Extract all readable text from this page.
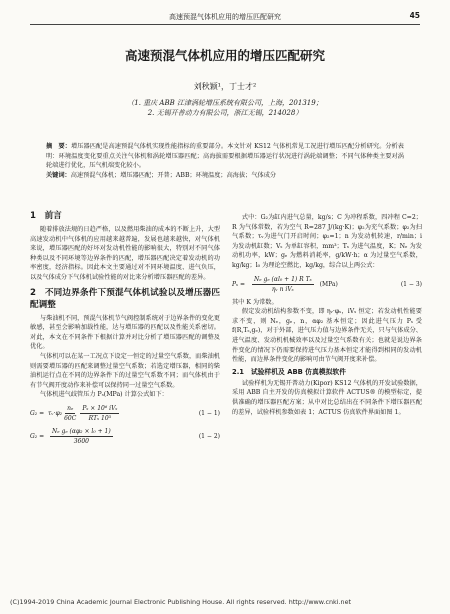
高速预混气体机应用的增压匹配研究	45
高速预混气体机应用的增压匹配研究
刘秋颖¹，丁士才²
（1. 重庆 ABB 江津涡轮增压系统有限公司，上海，201319；
2. 无锡开普动力有限公司，浙江无锡，214028）
摘　要：增压器匹配是高速预混气体机实现性能指标的重要部分。本文针对 KS12 气体机常见工况进行增压匹配分析研究。分析表明：环境温度变化要重点关注气体机和涡轮增压器匹配；高海拔需要根据增压器运行状况进行涡轮端调整；不同气体种类主要对涡轮端进行优化，压气机端变化较小。
关键词：高速预混气体机；增压器匹配；开普；ABB；环境温度；高海拔；气体成分
1　前言

随着排放法规的日趋严格，以及燃用柴油的成本的不断上升，大型高速发动机中气体机的应用越来越普遍，发展也越来越快，对气体机来说，增压器匹配的好坏对发动机性能的影响很大，特别对不同气体种类以及不同环境等边界条件的匹配，增压器匹配决定着发动机的功率密度，经济指标。因此本文主要通过对不同环境温度、进气负压，以及气体成分下气体机试验性能的对比来分析增压器匹配的差异。

2　不同边界条件下预混气体机试验以及增压器匹配调整

与柴油机不同，预混气体机节气阀控制系统对于边界条件的变化更敏感，甚至会影响加载性能，达与增压器的匹配以及性能关系密切。对此，本文在不同条件下根据计算并对比分析了增压器匹配的调整及优化。

气体机可以在某一工况点下设定一恒定的过量空气系数，而柴油机则需要增压器的匹配来调整过量空气系数；若选定增压器，相同的柴油机运行点在不同的边界条件下的过量空气系数不同；而气体机由于有节气阀开度动作来补偿可以保持同一过量空气系数。

气体机进气歧管压力 Pₛ(MPa) 计算公式如下：

G₂ = τᵥ·φ₂ $\frac{\text{nₑ}}{60C} \frac{\text{Pₛ × 10⁶ iVₛ}}{\text{RTₛ 10³}}$	(1 − 1)
$G_2 = \frac{\text{Nₑ gₑ (αφ₂ × l₀ + 1)}}{3600}$	(1 − 2)

式中：G₂为缸内进气总量，kg/s；C 为冲程系数，四冲程 C=2；R 为气体常数，若为空气 R=287 J/(kg·K)；φ₂为充气系数；φ₂为扫气系数；τᵥ为进气门开启时间；φ₂=1；n 为发动机转速，r/min；i 为发动机缸数；Vₛ 为单缸容积，mm³；Tₛ 为进气温度，K；Nₑ 为发动机功率，kW；gₑ 为燃料消耗率，g/kW·h；α 为过量空气系数，kg/kg；l₀ 为理论空燃比，kg/kg，综合以上两公式：

Pₛ =	$\frac{\text{Nₑ gₑ (αl₀ + 1) R Tₛ}}{\text{ηᵥ n iVₛ}} (MPa)$	(1 − 3)
其中 K 为常数。

假定发动机结构参数不变，即 ηᵥ·φₛ，iVₛ 恒定；若发动机性能要求不变，则 Nₑ，gₑ，n，αφ₂ 基本恒定；因此进气压力 Pₛ 受 f(R,Tₛ,gₑ)，对于外部，进气压力值与边界条件无关，只与气体成分、进气温度、发动机机械效率以及过量空气系数有关；也就是说边界条件变化的情况下仍需要保持进气压力基本恒定才能得到相同的发动机性能，而边界条件变化的影响可由节气阀开度来补偿。

2.1　试验样机及 ABB 仿真模拟软件

试验样机为无锡开普动力(Kipor) KS12 气体机的开发试验数据，采用 ABB 自主开发的仿真模拟计算软件 ACTUS® 的模型标定，提供准确的增压器匹配方案；从中对比总结出在不同条件下增压器匹配的差异，试验样机参数如表 1；ACTUS 仿真软件界面如图 1。

(C)1994-2019 China Academic Journal Electronic Publishing House. All rights reserved. http://www.cnki.net
